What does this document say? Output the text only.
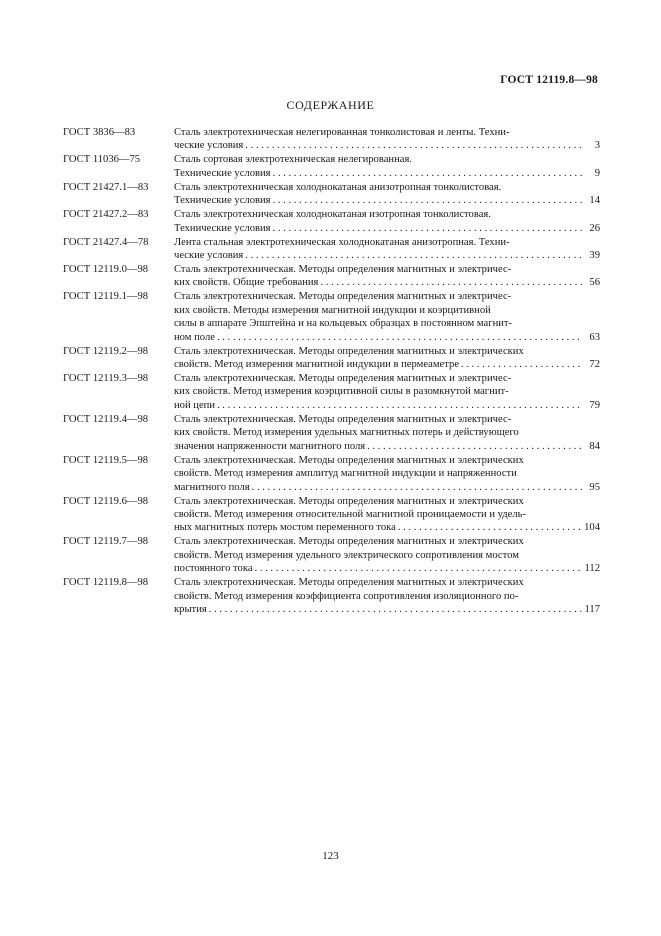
ГОСТ 12119.8—98
СОДЕРЖАНИЕ
ГОСТ 3836—83	Сталь электротехническая нелегированная тонколистовая и ленты. Техни-
ческие условия . . .	3
ГОСТ 11036—75	Сталь сортовая электротехническая нелегированная.
Технические условия . . .	9
ГОСТ 21427.1—83	Сталь электротехническая холоднокатаная анизотропная тонколистовая.
Технические условия . . .	14
ГОСТ 21427.2—83	Сталь электротехническая холоднокатаная изотропная тонколистовая.
Технические условия . . .	26
ГОСТ 21427.4—78	Лента стальная электротехническая холоднокатаная анизотропная. Техни-
ческие условия . . .	39
ГОСТ 12119.0—98	Сталь электротехническая. Методы определения магнитных и электричес-
ких свойств. Общие требования . . .	56
ГОСТ 12119.1—98	Сталь электротехническая. Методы определения магнитных и электричес-
ких свойств. Методы измерения магнитной индукции и коэрцитивной
силы в аппарате Эпштейна и на кольцевых образцах в постоянном магнит-
ном поле . . .	63
ГОСТ 12119.2—98	Сталь электротехническая. Методы определения магнитных и электрических
свойств. Метод измерения магнитной индукции в пермеаметре . . .	72
ГОСТ 12119.3—98	Сталь электротехническая. Методы определения магнитных и электричес-
ких свойств. Метод измерения коэрцитивной силы в разомкнутой магнит-
ной цепи . . .	79
ГОСТ 12119.4—98	Сталь электротехническая. Методы определения магнитных и электричес-
ких свойств. Метод измерения удельных магнитных потерь и действующего
значения напряженности магнитного поля . . .	84
ГОСТ 12119.5—98	Сталь электротехническая. Методы определения магнитных и электрических
свойств. Метод измерения амплитуд магнитной индукции и напряженности
магнитного поля . . .	95
ГОСТ 12119.6—98	Сталь электротехническая. Методы определения магнитных и электрических
свойств. Метод измерения относительной магнитной проницаемости и удель-
ных магнитных потерь мостом переменного тока . . .	104
ГОСТ 12119.7—98	Сталь электротехническая. Методы определения магнитных и электрических
свойств. Метод измерения удельного электрического сопротивления мостом
постоянного тока . . .	112
ГОСТ 12119.8—98	Сталь электротехническая. Методы определения магнитных и электрических
свойств. Метод измерения коэффициента сопротивления изоляционного по-
крытия . . .	117
123
